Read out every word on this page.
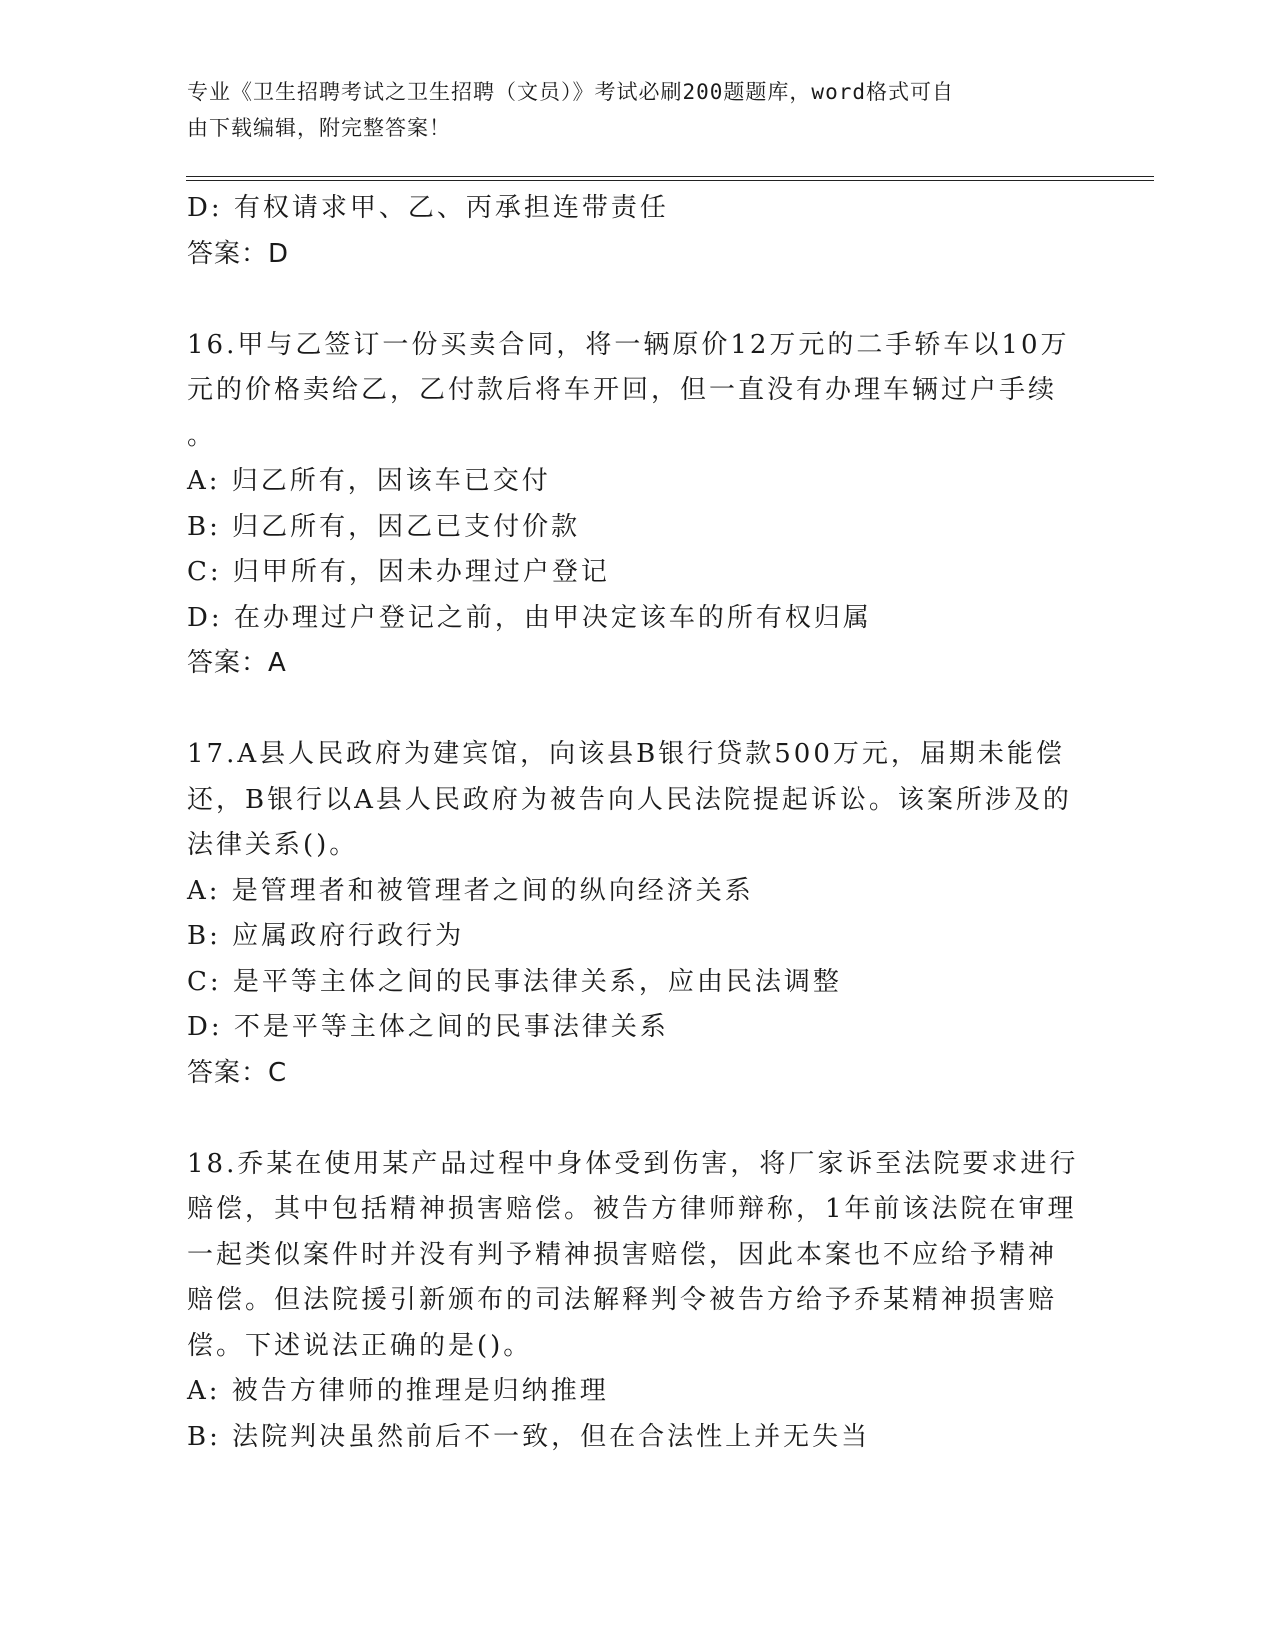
专业《卫生招聘考试之卫生招聘（文员）》考试必刷200题题库，word格式可自
由下载编辑，附完整答案！
D: 有权请求甲、乙、丙承担连带责任
答案：D
16.甲与乙签订一份买卖合同，将一辆原价12万元的二手轿车以10万
元的价格卖给乙，乙付款后将车开回，但一直没有办理车辆过户手续
。
A: 归乙所有，因该车已交付
B: 归乙所有，因乙已支付价款
C: 归甲所有，因未办理过户登记
D: 在办理过户登记之前，由甲决定该车的所有权归属
答案：A
17.A县人民政府为建宾馆，向该县B银行贷款500万元，届期未能偿
还，B银行以A县人民政府为被告向人民法院提起诉讼。该案所涉及的
法律关系()。
A: 是管理者和被管理者之间的纵向经济关系
B: 应属政府行政行为
C: 是平等主体之间的民事法律关系，应由民法调整
D: 不是平等主体之间的民事法律关系
答案：C
18.乔某在使用某产品过程中身体受到伤害，将厂家诉至法院要求进行
赔偿，其中包括精神损害赔偿。被告方律师辩称，1年前该法院在审理
一起类似案件时并没有判予精神损害赔偿，因此本案也不应给予精神
赔偿。但法院援引新颁布的司法解释判令被告方给予乔某精神损害赔
偿。下述说法正确的是()。
A: 被告方律师的推理是归纳推理
B: 法院判决虽然前后不一致，但在合法性上并无失当
